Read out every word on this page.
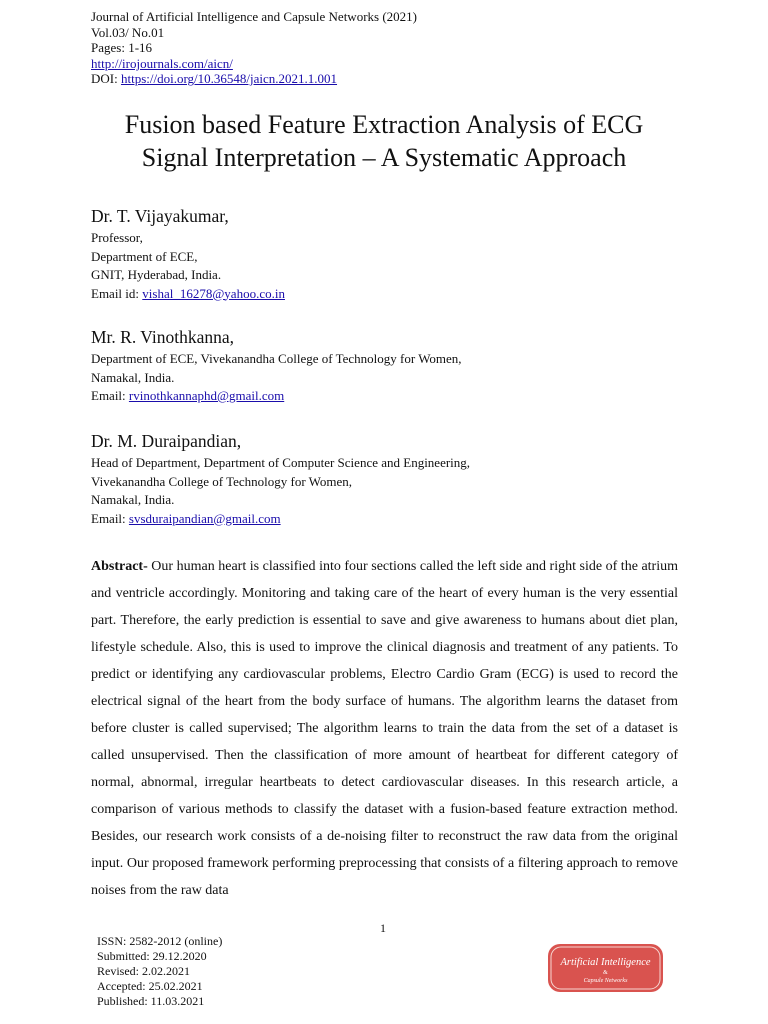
Journal of Artificial Intelligence and Capsule Networks (2021)
Vol.03/ No.01
Pages: 1-16
http://irojournals.com/aicn/
DOI: https://doi.org/10.36548/jaicn.2021.1.001
Fusion based Feature Extraction Analysis of ECG
Signal Interpretation – A Systematic Approach
Dr. T. Vijayakumar,
Professor,
Department of ECE,
GNIT, Hyderabad, India.
Email id: vishal_16278@yahoo.co.in
Mr. R. Vinothkanna,
Department of ECE, Vivekanandha College of Technology for Women,
Namakal, India.
Email: rvinothkannaphd@gmail.com
Dr. M. Duraipandian,
Head of Department, Department of Computer Science and Engineering,
Vivekanandha College of Technology for Women,
Namakal, India.
Email: svsduraipandian@gmail.com
Abstract- Our human heart is classified into four sections called the left side and right side of the atrium and ventricle accordingly. Monitoring and taking care of the heart of every human is the very essential part. Therefore, the early prediction is essential to save and give awareness to humans about diet plan, lifestyle schedule. Also, this is used to improve the clinical diagnosis and treatment of any patients. To predict or identifying any cardiovascular problems, Electro Cardio Gram (ECG) is used to record the electrical signal of the heart from the body surface of humans. The algorithm learns the dataset from before cluster is called supervised; The algorithm learns to train the data from the set of a dataset is called unsupervised. Then the classification of more amount of heartbeat for different category of normal, abnormal, irregular heartbeats to detect cardiovascular diseases. In this research article, a comparison of various methods to classify the dataset with a fusion-based feature extraction method. Besides, our research work consists of a de-noising filter to reconstruct the raw data from the original input. Our proposed framework performing preprocessing that consists of a filtering approach to remove noises from the raw data
1
ISSN: 2582-2012 (online)
Submitted: 29.12.2020
Revised: 2.02.2021
Accepted: 25.02.2021
Published: 11.03.2021
Artificial Intelligence
&
Capsule Networks
